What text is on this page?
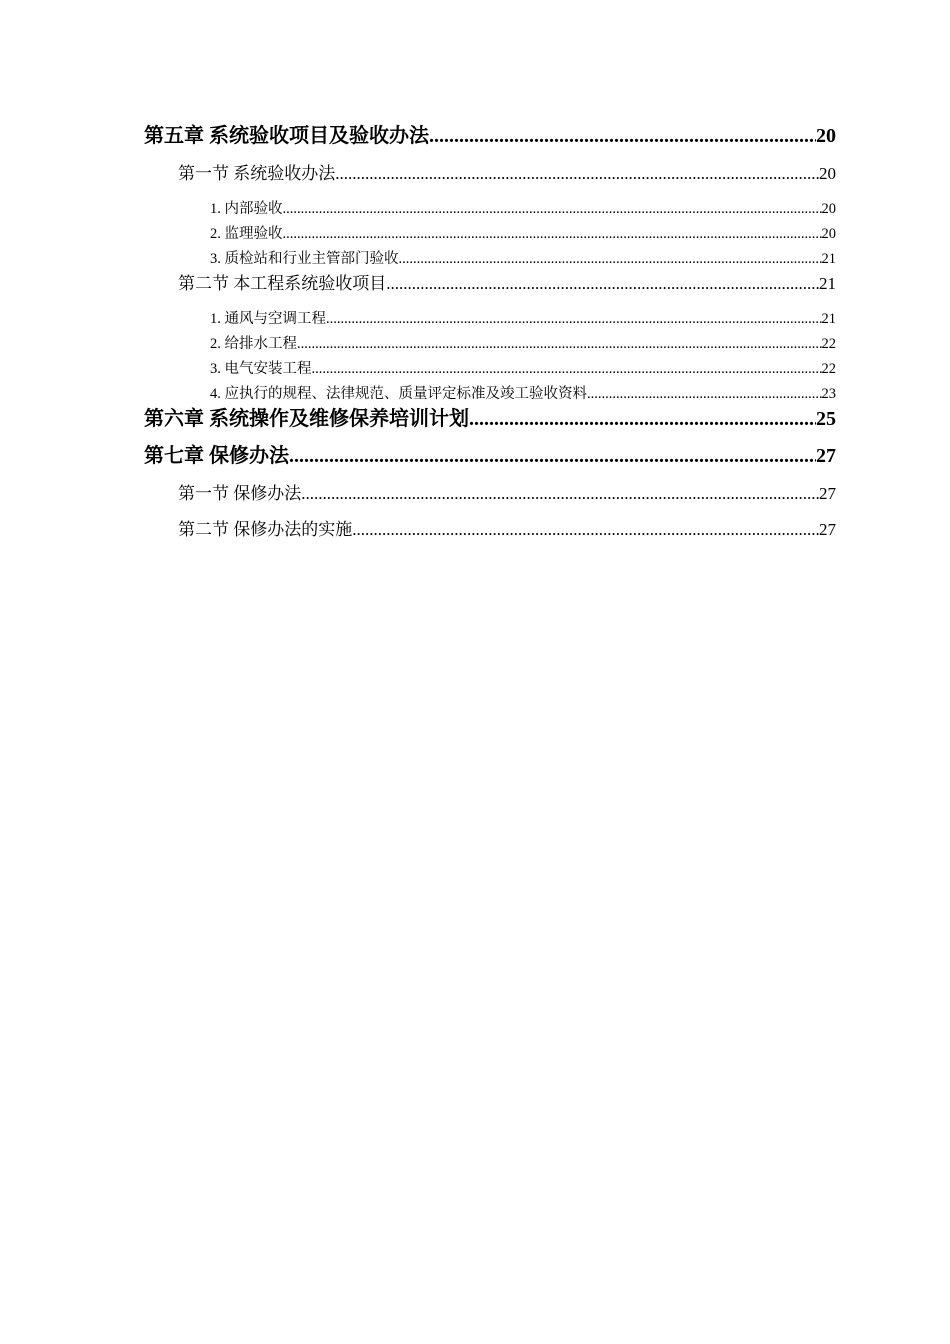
第五章 系统验收项目及验收办法 .....	20
第一节 系统验收办法 .....	20
1. 内部验收 .....	20
2. 监理验收 .....	20
3. 质检站和行业主管部门验收 .....	21
第二节 本工程系统验收项目 .....	21
1. 通风与空调工程 .....	21
2. 给排水工程 .....	22
3. 电气安装工程 .....	22
4. 应执行的规程、法律规范、质量评定标准及竣工验收资料 .....	23
第六章 系统操作及维修保养培训计划 .....	25
第七章 保修办法 .....	27
第一节 保修办法 .....	27
第二节 保修办法的实施 .....	27
